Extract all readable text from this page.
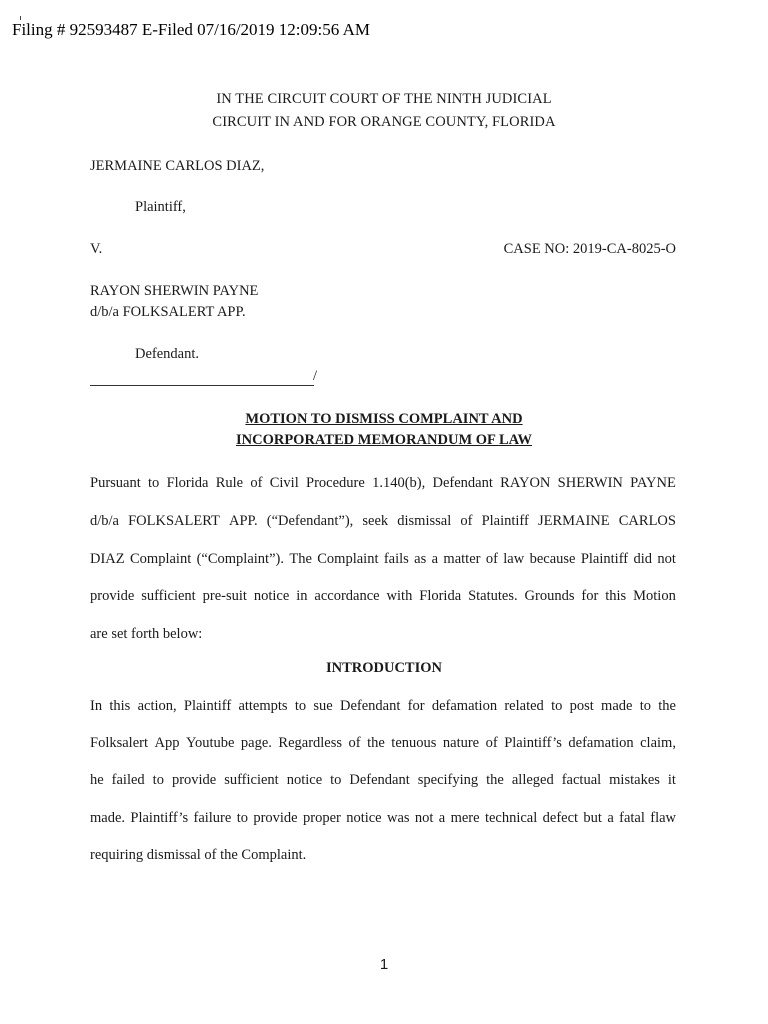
Filing # 92593487 E-Filed 07/16/2019 12:09:56 AM
IN THE CIRCUIT COURT OF THE NINTH JUDICIAL
CIRCUIT IN AND FOR ORANGE COUNTY, FLORIDA
JERMAINE CARLOS DIAZ,
Plaintiff,
V.	CASE NO: 2019-CA-8025-O
RAYON SHERWIN PAYNE
d/b/a FOLKSALERT APP.
Defendant.
/
MOTION TO DISMISS COMPLAINT AND
INCORPORATED MEMORANDUM OF LAW
Pursuant to Florida Rule of Civil Procedure 1.140(b), Defendant RAYON SHERWIN PAYNE
d/b/a FOLKSALERT APP. (“Defendant”), seek dismissal of Plaintiff JERMAINE CARLOS
DIAZ Complaint (“Complaint”). The Complaint fails as a matter of law because Plaintiff did not
provide sufficient pre-suit notice in accordance with Florida Statutes. Grounds for this Motion
are set forth below:
INTRODUCTION
In this action, Plaintiff attempts to sue Defendant for defamation related to post made to the
Folksalert App Youtube page. Regardless of the tenuous nature of Plaintiff’s defamation claim,
he failed to provide sufficient notice to Defendant specifying the alleged factual mistakes it
made. Plaintiff’s failure to provide proper notice was not a mere technical defect but a fatal flaw
requiring dismissal of the Complaint.
1
